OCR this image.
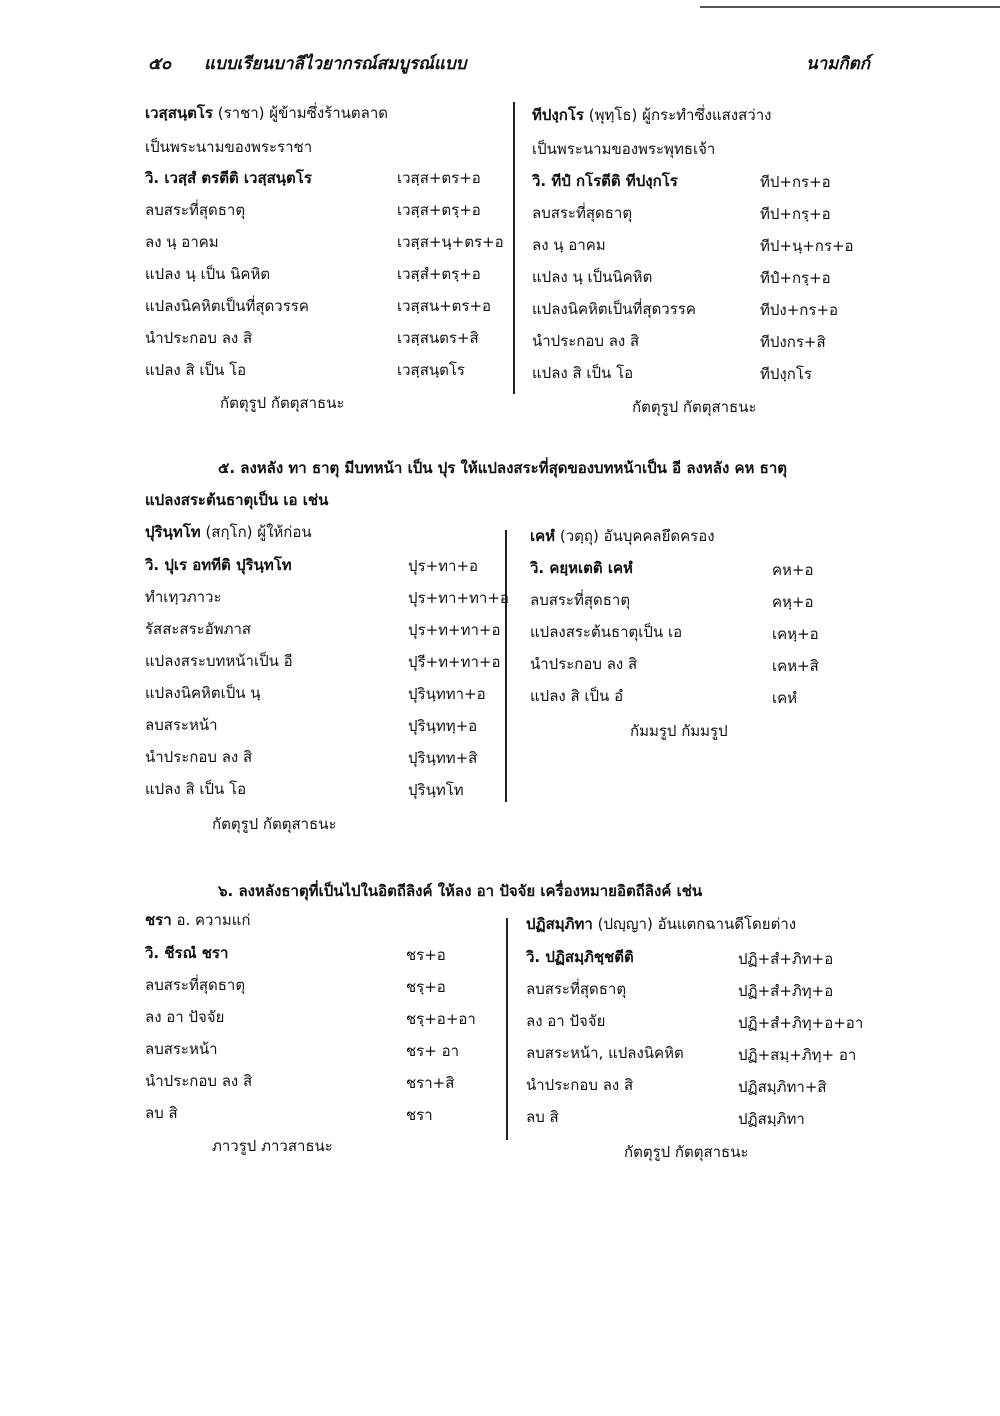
๕๐ แบบเรียนบาลีไวยากรณ์สมบูรณ์แบบ	นามกิตก์
เวสฺสนฺตโร (ราชา) ผู้ข้ามซึ่งร้านตลาด
เป็นพระนามของพระราชา
วิ. เวสฺสํ ตรตีติ เวสฺสนฺตโร	เวสฺส+ตร+อ
ลบสระที่สุดธาตุ	เวสฺส+ตรฺ+อ
ลง นฺ อาคม	เวสฺส+นฺ+ตร+อ
แปลง นฺ เป็น นิคหิต	เวสฺสํ+ตรฺ+อ
แปลงนิคหิตเป็นที่สุดวรรค	เวสฺสน+ตร+อ
นำประกอบ ลง สิ	เวสฺสนตร+สิ
แปลง สิ เป็น โอ	เวสฺสนฺตโร
กัตตุรูป กัตตุสาธนะ
ทีปงฺกโร (พุทฺโธ) ผู้กระทำซึ่งแสงสว่าง
เป็นพระนามของพระพุทธเจ้า
วิ. ทีปํ กโรตีติ ทีปงฺกโร	ทีป+กร+อ
ลบสระที่สุดธาตุ	ทีป+กรฺ+อ
ลง นฺ อาคม	ทีป+นฺ+กร+อ
แปลง นฺ เป็นนิคหิต	ทีปํ+กรฺ+อ
แปลงนิคหิตเป็นที่สุดวรรค	ทีปง+กร+อ
นำประกอบ ลง สิ	ทีปงกร+สิ
แปลง สิ เป็น โอ	ทีปงฺกโร
กัตตุรูป กัตตุสาธนะ
๕. ลงหลัง ทา ธาตุ มีบทหน้า เป็น ปุร ให้แปลงสระที่สุดของบทหน้าเป็น อี ลงหลัง คห ธาตุ
แปลงสระต้นธาตุเป็น เอ เช่น
ปุรินฺทโท (สกฺโก) ผู้ให้ก่อน
วิ. ปุเร อททีติ ปุรินฺทโท	ปุร+ทา+อ
ทำเทฺวภาวะ	ปุร+ทา+ทา+อ
รัสสะสระอัพภาส	ปุร+ท+ทา+อ
แปลงสระบทหน้าเป็น อี	ปุรี+ท+ทา+อ
แปลงนิคหิตเป็น นฺ	ปุรินฺททา+อ
ลบสระหน้า	ปุรินฺททฺ+อ
นำประกอบ ลง สิ	ปุรินฺทท+สิ
แปลง สิ เป็น โอ	ปุรินฺทโท
กัตตุรูป กัตตุสาธนะ
เคหํ (วตฺถุ) อันบุคคลยึดครอง
วิ. คยฺหเตติ เคหํ	คห+อ
ลบสระที่สุดธาตุ	คหฺ+อ
แปลงสระต้นธาตุเป็น เอ	เคหฺ+อ
นำประกอบ ลง สิ	เคห+สิ
แปลง สิ เป็น อํ	เคหํ
กัมมรูป กัมมรูป
๖. ลงหลังธาตุที่เป็นไปในอิตถีลิงค์ ให้ลง อา ปัจจัย เครื่องหมายอิตถีลิงค์ เช่น
ชรา อ. ความแก่
วิ. ชีรณํ ชรา	ชร+อ
ลบสระที่สุดธาตุ	ชรฺ+อ
ลง อา ปัจจัย	ชรฺ+อ+อา
ลบสระหน้า	ชร+ อา
นำประกอบ ลง สิ	ชรา+สิ
ลบ สิ	ชรา
ภาวรูป ภาวสาธนะ
ปฏิสมฺภิทา (ปญฺญา) อันแตกฉานดีโดยต่าง
วิ. ปฏิสมฺภิชฺชตีติ	ปฏิ+สํ+ภิท+อ
ลบสระที่สุดธาตุ	ปฏิ+สํ+ภิทฺ+อ
ลง อา ปัจจัย	ปฏิ+สํ+ภิทฺ+อ+อา
ลบสระหน้า, แปลงนิคหิต	ปฏิ+สมฺ+ภิทฺ+ อา
นำประกอบ ลง สิ	ปฏิสมฺภิทา+สิ
ลบ สิ	ปฏิสมฺภิทา
กัตตุรูป กัตตุสาธนะ
